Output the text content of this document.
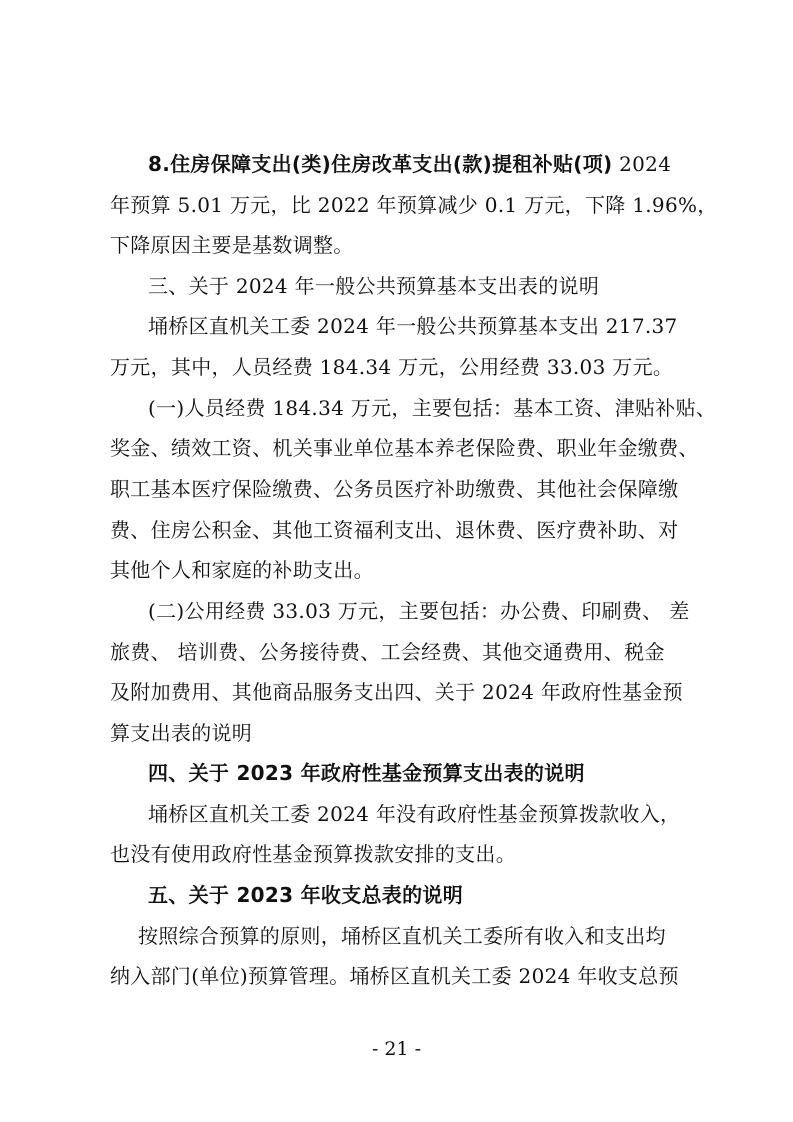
8.住房保障支出(类)住房改革支出(款)提租补贴(项) 2024
年预算 5.01 万元，比 2022 年预算减少 0.1 万元，下降 1.96%，
下降原因主要是基数调整。
三、关于 2024 年一般公共预算基本支出表的说明
埇桥区直机关工委 2024 年一般公共预算基本支出 217.37
万元，其中，人员经费 184.34 万元，公用经费 33.03 万元。
(一)人员经费 184.34 万元，主要包括：基本工资、津贴补贴、
奖金、绩效工资、机关事业单位基本养老保险费、职业年金缴费、
职工基本医疗保险缴费、公务员医疗补助缴费、其他社会保障缴
费、住房公积金、其他工资福利支出、退休费、医疗费补助、对
其他个人和家庭的补助支出。
(二)公用经费 33.03 万元，主要包括：办公费、印刷费、 差
旅费、 培训费、公务接待费、工会经费、其他交通费用、税金
及附加费用、其他商品服务支出四、关于 2024 年政府性基金预
算支出表的说明
四、关于 2023 年政府性基金预算支出表的说明
埇桥区直机关工委 2024 年没有政府性基金预算拨款收入，
也没有使用政府性基金预算拨款安排的支出。
五、关于 2023 年收支总表的说明
按照综合预算的原则，埇桥区直机关工委所有收入和支出均
纳入部门(单位)预算管理。埇桥区直机关工委 2024 年收支总预
- 21 -
